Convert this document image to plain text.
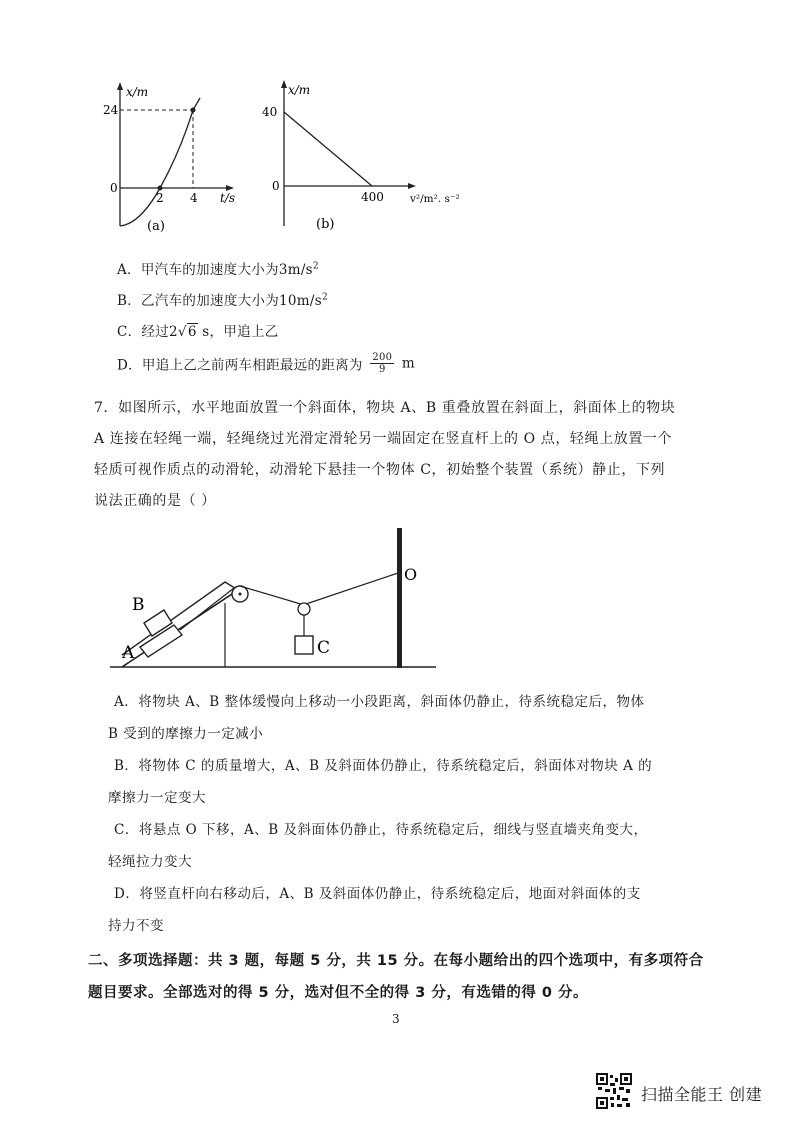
x/m
24
0
2 4 t/s
(a)
x/m
40
0
400 v²/m². s⁻²
(b)
A．甲汽车的加速度大小为$3m/s^2$
B．乙汽车的加速度大小为$10m/s^2$
C．经过2√6 s，甲追上乙
D．甲追上乙之前两车相距最远的距离为 $\frac{200}{9}$ m
7．如图所示，水平地面放置一个斜面体，物块 A、B 重叠放置在斜面上，斜面体上的物块
A 连接在轻绳一端，轻绳绕过光滑定滑轮另一端固定在竖直杆上的 O 点，轻绳上放置一个
轻质可视作质点的动滑轮，动滑轮下悬挂一个物体 C，初始整个装置（系统）静止，下列
说法正确的是（ ）
A
B
C
O
A．将物块 A、B 整体缓慢向上移动一小段距离，斜面体仍静止，待系统稳定后，物体
B 受到的摩擦力一定减小
B．将物体 C 的质量增大，A、B 及斜面体仍静止，待系统稳定后，斜面体对物块 A 的
摩擦力一定变大
C．将悬点 O 下移，A、B 及斜面体仍静止，待系统稳定后，细线与竖直墙夹角变大，
轻绳拉力变大
D．将竖直杆向右移动后，A、B 及斜面体仍静止，待系统稳定后，地面对斜面体的支
持力不变
二、多项选择题：共 3 题，每题 5 分，共 15 分。在每小题给出的四个选项中，有多项符合
题目要求。全部选对的得 5 分，选对但不全的得 3 分，有选错的得 0 分。
3
扫描全能王 创建
